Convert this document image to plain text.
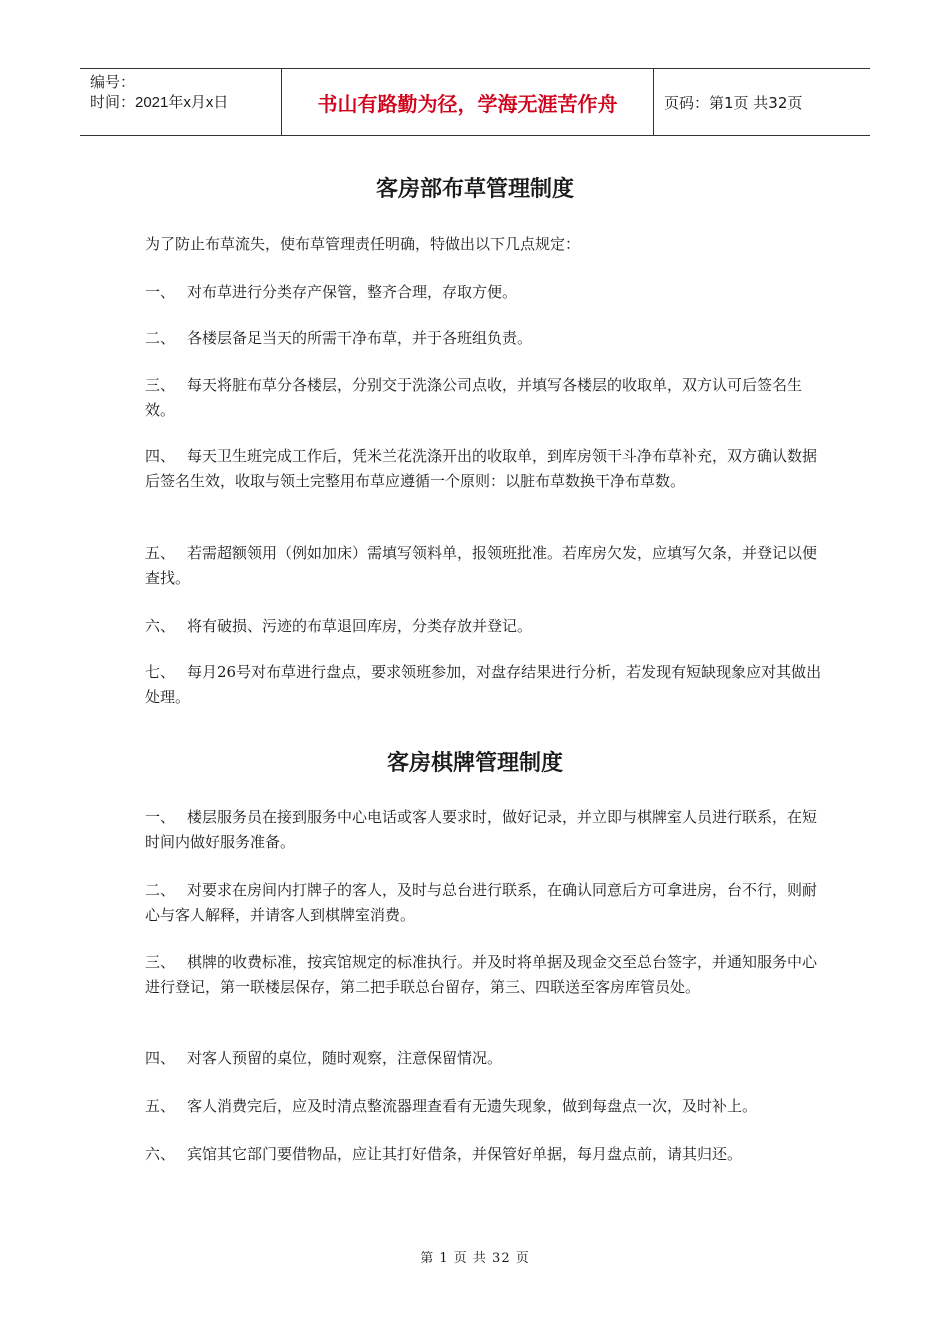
编号：
时间：2021年x月x日	书山有路勤为径，学海无涯苦作舟	页码：第1页 共32页
客房部布草管理制度

为了防止布草流失，使布草管理责任明确，特做出以下几点规定：

一、 对布草进行分类存产保管，整齐合理，存取方便。

二、 各楼层备足当天的所需干净布草，并于各班组负责。

三、 每天将脏布草分各楼层，分别交于洗涤公司点收，并填写各楼层的收取单，双方认可后签名生效。

四、 每天卫生班完成工作后，凭米兰花洗涤开出的收取单，到库房领干斗净布草补充，双方确认数据后签名生效，收取与领土完整用布草应遵循一个原则：以脏布草数换干净布草数。

五、 若需超额领用（例如加床）需填写领料单，报领班批准。若库房欠发，应填写欠条，并登记以便查找。

六、 将有破损、污迹的布草退回库房，分类存放并登记。

七、 每月26号对布草进行盘点，要求领班参加，对盘存结果进行分析，若发现有短缺现象应对其做出处理。

客房棋牌管理制度

一、 楼层服务员在接到服务中心电话或客人要求时，做好记录，并立即与棋牌室人员进行联系，在短时间内做好服务准备。

二、 对要求在房间内打牌子的客人，及时与总台进行联系，在确认同意后方可拿进房，台不行，则耐心与客人解释，并请客人到棋牌室消费。

三、 棋牌的收费标准，按宾馆规定的标准执行。并及时将单据及现金交至总台签字，并通知服务中心进行登记，第一联楼层保存，第二把手联总台留存，第三、四联送至客房库管员处。

四、 对客人预留的桌位，随时观察，注意保留情况。

五、 客人消费完后，应及时清点整流器理查看有无遗失现象，做到每盘点一次，及时补上。

六、 宾馆其它部门要借物品，应让其打好借条，并保管好单据，每月盘点前，请其归还。

第 1 页 共 32 页
